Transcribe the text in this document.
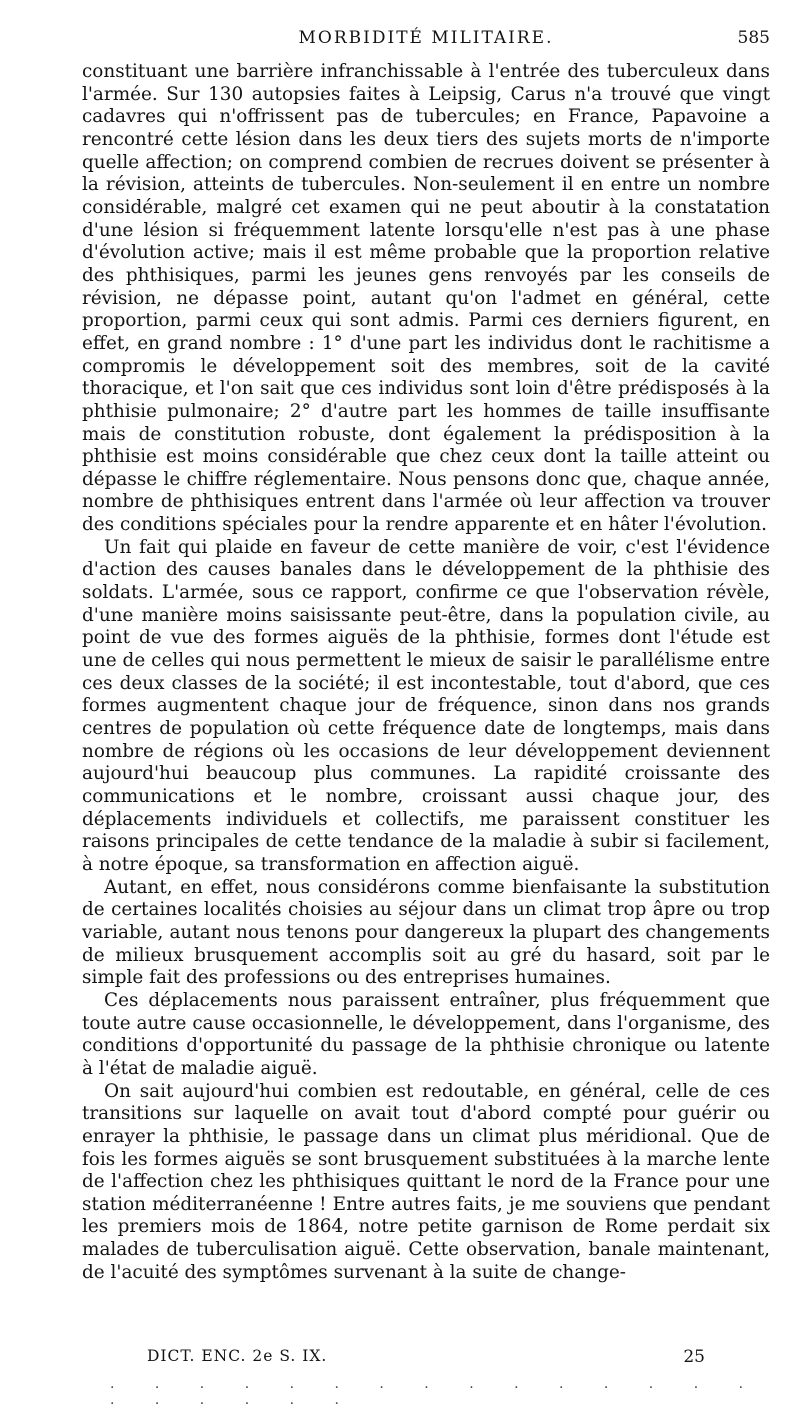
MORBIDITÉ MILITAIRE.	585

constituant une barrière infranchissable à l'entrée des tuberculeux dans l'armée. Sur 130 autopsies faites à Leipsig, Carus n'a trouvé que vingt cadavres qui n'offrissent pas de tubercules; en France, Papavoine a rencontré cette lésion dans les deux tiers des sujets morts de n'importe quelle affection; on comprend combien de recrues doivent se présenter à la révision, atteints de tubercules. Non-seulement il en entre un nombre considérable, malgré cet examen qui ne peut aboutir à la constatation d'une lésion si fréquemment latente lorsqu'elle n'est pas à une phase d'évolution active; mais il est même probable que la proportion relative des phthisiques, parmi les jeunes gens renvoyés par les conseils de révision, ne dépasse point, autant qu'on l'admet en général, cette proportion, parmi ceux qui sont admis. Parmi ces derniers figurent, en effet, en grand nombre : 1° d'une part les individus dont le rachitisme a compromis le développement soit des membres, soit de la cavité thoracique, et l'on sait que ces individus sont loin d'être prédisposés à la phthisie pulmonaire; 2° d'autre part les hommes de taille insuffisante mais de constitution robuste, dont également la prédisposition à la phthisie est moins considérable que chez ceux dont la taille atteint ou dépasse le chiffre réglementaire. Nous pensons donc que, chaque année, nombre de phthisiques entrent dans l'armée où leur affection va trouver des conditions spéciales pour la rendre apparente et en hâter l'évolution.

Un fait qui plaide en faveur de cette manière de voir, c'est l'évidence d'action des causes banales dans le développement de la phthisie des soldats. L'armée, sous ce rapport, confirme ce que l'observation révèle, d'une manière moins saisissante peut-être, dans la population civile, au point de vue des formes aiguës de la phthisie, formes dont l'étude est une de celles qui nous permettent le mieux de saisir le parallélisme entre ces deux classes de la société; il est incontestable, tout d'abord, que ces formes augmentent chaque jour de fréquence, sinon dans nos grands centres de population où cette fréquence date de longtemps, mais dans nombre de régions où les occasions de leur développement deviennent aujourd'hui beaucoup plus communes. La rapidité croissante des communications et le nombre, croissant aussi chaque jour, des déplacements individuels et collectifs, me paraissent constituer les raisons principales de cette tendance de la maladie à subir si facilement, à notre époque, sa transformation en affection aiguë.

Autant, en effet, nous considérons comme bienfaisante la substitution de certaines localités choisies au séjour dans un climat trop âpre ou trop variable, autant nous tenons pour dangereux la plupart des changements de milieux brusquement accomplis soit au gré du hasard, soit par le simple fait des professions ou des entreprises humaines.

Ces déplacements nous paraissent entraîner, plus fréquemment que toute autre cause occasionnelle, le développement, dans l'organisme, des conditions d'opportunité du passage de la phthisie chronique ou latente à l'état de maladie aiguë.

On sait aujourd'hui combien est redoutable, en général, celle de ces transitions sur laquelle on avait tout d'abord compté pour guérir ou enrayer la phthisie, le passage dans un climat plus méridional. Que de fois les formes aiguës se sont brusquement substituées à la marche lente de l'affection chez les phthisiques quittant le nord de la France pour une station méditerranéenne ! Entre autres faits, je me souviens que pendant les premiers mois de 1864, notre petite garnison de Rome perdait six malades de tuberculisation aiguë. Cette observation, banale maintenant, de l'acuité des symptômes survenant à la suite de change-

DICT. ENC. 2e S. IX.	25
· · · · · · · · · · · · · · · · · · · · ·
